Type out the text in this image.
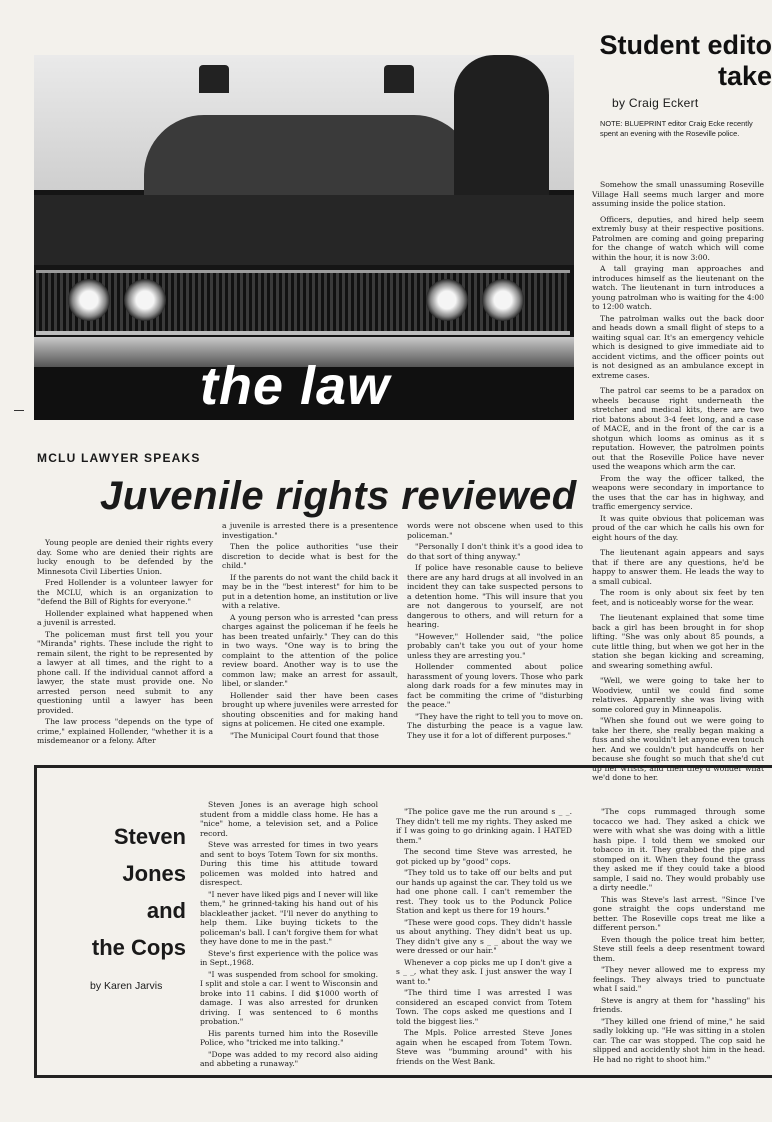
the law
Student edito
take
by Craig Eckert
NOTE: BLUEPRINT editor Craig Ecke recently spent an evening with the Roseville police.

Somehow the small unassuming Roseville Village Hall seems much larger and more assuming inside the police station.

Officers, deputies, and hired help seem extremly busy at their respective positions. Patrolmen are coming and going preparing for the change of watch which will come within the hour, it is now 3:00.

A tall graying man approaches and introduces himself as the lieutenant on the watch. The lieutenant in turn introduces a young patrolman who is waiting for the 4:00 to 12:00 watch.

The patrolman walks out the back door and heads down a small flight of steps to a waiting squal car. It's an emergency vehicle which is designed to give immediate aid to accident victims, and the officer points out is not designed as an ambulance except in extreme cases.

The patrol car seems to be a paradox on wheels because right underneath the stretcher and medical kits, there are two riot batons about 3-4 feet long, and a case of MACE, and in the front of the car is a shotgun which looms as ominus as it s reputation. However, the patrolmen points out that the Roseville Police have never used the weapons which arm the car.

From the way the officer talked, the weapons were secondary in importance to the uses that the car has in highway, and traffic emergency service.

It was quite obvious that policeman was proud of the car which he calls his own for eight hours of the day.

The lieutenant again appears and says that if there are any questions, he'd be happy to answer them. He leads the way to a small cubical.

The room is only about six feet by ten feet, and is noticeably worse for the wear.

The lieutenant explained that some time back a girl has been brought in for shop lifting. "She was only about 85 pounds, a cute little thing, but when we got her in the station she began kicking and screaming, and swearing something awful.

"Well, we were going to take her to Woodview, until we could find some relatives. Apparently she was living with some colored guy in Minneapolis.

"When she found out we were going to take her there, she really began making a fuss and she wouldn't let anyone even touch her. And we couldn't put handcuffs on her because she fought so much that she'd cut up her wrists, and then they'd wonder what we'd done to her.

MCLU LAWYER SPEAKS
Juvenile rights reviewed

Young people are denied their rights every day. Some who are denied their rights are lucky enough to be defended by the Minnesota Civil Liberties Union.

Fred Hollender is a volunteer lawyer for the MCLU, which is an organization to "defend the Bill of Rights for everyone."

Hollender explained what happened when a juvenil is arrested.

The policeman must first tell you your "Miranda" rights. These include the right to remain silent, the right to be represented by a lawyer at all times, and the right to a phone call. If the individual cannot afford a lawyer, the state must provide one. No arrested person need submit to any questioning until a lawyer has been provided.

The law process "depends on the type of crime," explained Hollender, "whether it is a misdemeanor or a felony. After

a juvenile is arrested there is a presentence investigation."

Then the police authorities "use their discretion to decide what is best for the child."

If the parents do not want the child back it may be in the "best interest" for him to be put in a detention home, an institution or live with a relative.

A young person who is arrested "can press charges against the policeman if he feels he has been treated unfairly." They can do this in two ways. "One way is to bring the complaint to the attention of the police review board. Another way is to use the common law; make an arrest for assault, libel, or slander."

Hollender said ther have been cases brought up where juveniles were arrested for shouting obscenities and for making hand signs at policemen. He cited one example.

"The Municipal Court found that those

words were not obscene when used to this policeman."

"Personally I don't think it's a good idea to do that sort of thing anyway."

If police have resonable cause to believe there are any hard drugs at all involved in an incident they can take suspected persons to a detention home. "This will insure that you are not dangerous to yourself, are not dangerous to others, and will return for a hearing.

"However," Hollender said, "the police probably can't take you out of your home unless they are arresting you."

Hollender commented about police harassment of young lovers. Those who park along dark roads for a few minutes may in fact be commiting the crime of "disturbing the peace."

"They have the right to tell you to move on. The disturbing the peace is a vague law. They use it for a lot of different purposes."

Steven Jones
and
the Cops
by Karen Jarvis

Steven Jones is an average high school student from a middle class home. He has a "nice" home, a television set, and a Police record.

Steve was arrested for times in two years and sent to boys Totem Town for six months. During this time his attitude toward policemen was molded into hatred and disrespect.

"I never have liked pigs and I never will like them," he grinned-taking his hand out of his blackleather jacket. "I'll never do anything to help them. Like buying tickets to the policeman's ball. I can't forgive them for what they have done to me in the past."

Steve's first experience with the police was in Sept.,1968.

"I was suspended from school for smoking. I split and stole a car. I went to Wisconsin and broke into 11 cabins. I did $1000 worth of damage. I was also arrested for drunken driving. I was sentenced to 6 months probation."

His parents turned him into the Roseville Police, who "tricked me into talking."

"Dope was added to my record also aiding and abbeting a runaway."

"The police gave me the run around s _ _. They didn't tell me my rights. They asked me if I was going to go drinking again. I HATED them."

The second time Steve was arrested, he got picked up by "good" cops.

"They told us to take off our belts and put our hands up against the car. They told us we had one phone call. I can't remember the rest. They took us to the Podunck Police Station and kept us there for 19 hours."

"These were good cops. They didn't hassle us about anything. They didn't beat us up. They didn't give any s _ _ about the way we were dressed or our hair."

Whenever a cop picks me up I don't give a s _ _, what they ask. I just answer the way I want to."

"The third time I was arrested I was considered an escaped convict from Totem Town. The cops asked me questions and I told the biggest lies."

The Mpls. Police arrested Steve Jones again when he escaped from Totem Town. Steve was "bumming around" with his friends on the West Bank.

"The cops rummaged through some tocacco we had. They asked a chick we were with what she was doing with a little hash pipe. I told them we smoked our tobacco in it. They grabbed the pipe and stomped on it. When they found the grass they asked me if they could take a blood sample, I said no. They would probably use a dirty needle."

This was Steve's last arrest. "Since I've gone straight the cops understand me better. The Roseville cops treat me like a different person."

Even though the police treat him better, Steve still feels a deep resentment toward them.

"They never allowed me to express my feelings. They always tried to punctuate what I said."

Steve is angry at them for "hassling" his friends.

"They killed one friend of mine," he said sadly lokking up. "He was sitting in a stolen car. The car was stopped. The cop said he slipped and accidently shot him in the head. He had no right to shoot him."
